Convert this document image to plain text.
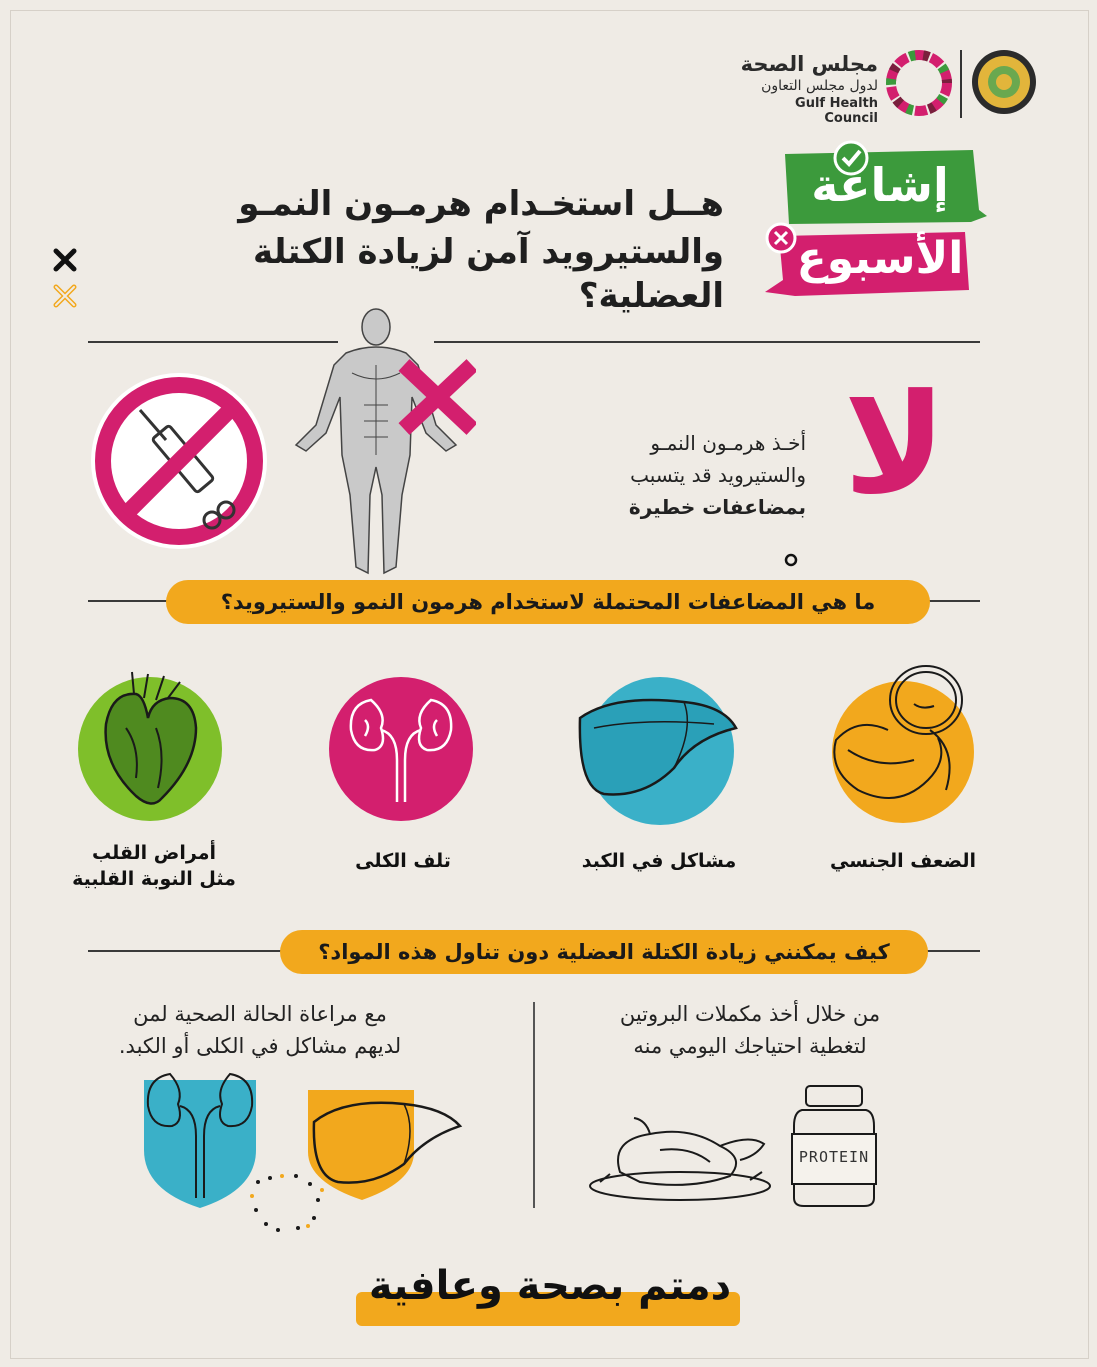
مجلس الصحة
لدول مجلس التعاون
Gulf Health Council
إشاعة
الأسبوع
هــل استخـدام هرمـون النمـو
والستيرويد آمن لزيادة الكتلة العضلية؟
أخـذ هرمـون النمـو
والستيرويد قد يتسبب
بمضاعفات خطيرة لا
ما هي المضاعفات المحتملة لاستخدام هرمون النمو والستيرويد؟
الضعف الجنسي
مشاكل في الكبد
تلف الكلى
أمراض القلب
مثل النوبة القلبية
كيف يمكنني زيادة الكتلة العضلية دون تناول هذه المواد؟
من خلال أخذ مكملات البروتين
لتغطية احتياجك اليومي منه
مع مراعاة الحالة الصحية لمن
لديهم مشاكل في الكلى أو الكبد.
PROTEIN
دمتم بصحة وعافية
